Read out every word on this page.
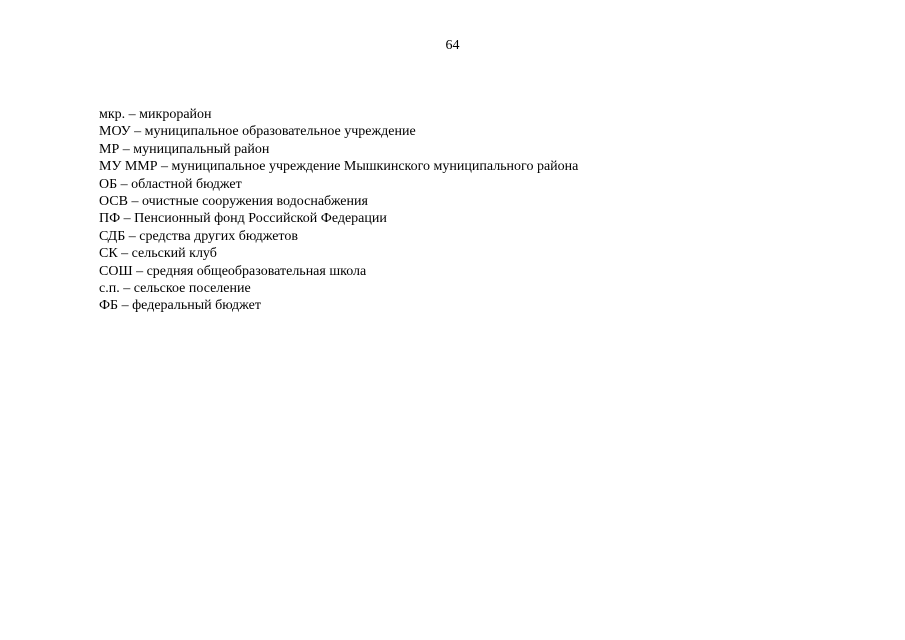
64
мкр. – микрорайон
МОУ – муниципальное образовательное учреждение
МР – муниципальный район
МУ ММР – муниципальное учреждение Мышкинского муниципального района
ОБ – областной бюджет
ОСВ – очистные сооружения водоснабжения
ПФ – Пенсионный фонд Российской Федерации
СДБ – средства других бюджетов
СК – сельский клуб
СОШ – средняя общеобразовательная школа
с.п. – сельское поселение
ФБ – федеральный бюджет
